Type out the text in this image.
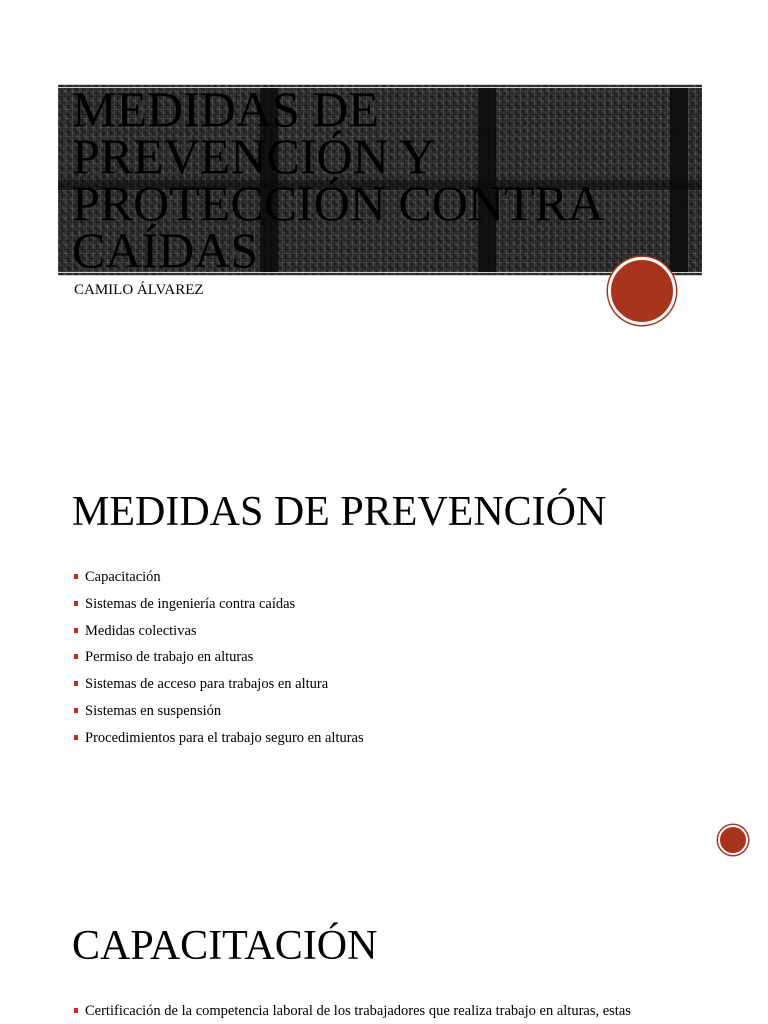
MEDIDAS DE PREVENCIÓN Y PROTECCIÓN CONTRA CAÍDAS

CAMILO ÁLVAREZ

MEDIDAS DE PREVENCIÓN
Capacitación
Sistemas de ingeniería contra caídas
Medidas colectivas
Permiso de trabajo en alturas
Sistemas de acceso para trabajos en altura
Sistemas en suspensión
Procedimientos para el trabajo seguro en alturas
CAPACITACIÓN
Certificación de la competencia laboral de los trabajadores que realiza trabajo en alturas, estas
